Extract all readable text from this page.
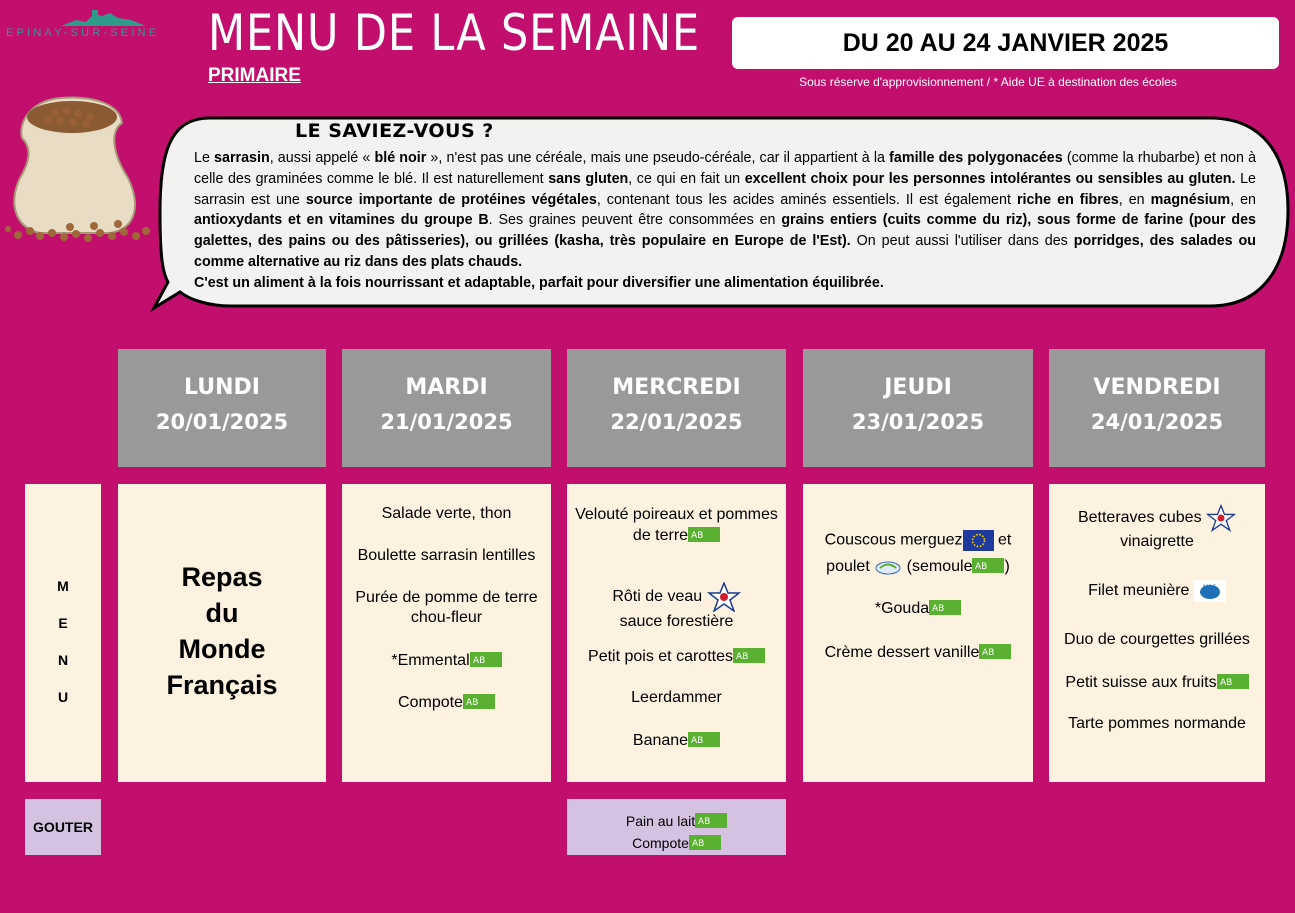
EPINAY-SUR-SEINE MENU DE LA SEMAINE
PRIMAIRE
DU 20 AU 24 JANVIER 2025
Sous réserve d'approvisionnement / * Aide UE à destination des écoles
LE SAVIEZ-VOUS ?
Le sarrasin, aussi appelé « blé noir », n'est pas une céréale, mais une pseudo-céréale, car il appartient à la famille des polygonacées (comme la rhubarbe) et non à celle des graminées comme le blé. Il est naturellement sans gluten, ce qui en fait un excellent choix pour les personnes intolérantes ou sensibles au gluten. Le sarrasin est une source importante de protéines végétales, contenant tous les acides aminés essentiels. Il est également riche en fibres, en magnésium, en antioxydants et en vitamines du groupe B. Ses graines peuvent être consommées en grains entiers (cuits comme du riz), sous forme de farine (pour des galettes, des pains ou des pâtisseries), ou grillées (kasha, très populaire en Europe de l'Est). On peut aussi l'utiliser dans des porridges, des salades ou comme alternative au riz dans des plats chauds.
C'est un aliment à la fois nourrissant et adaptable, parfait pour diversifier une alimentation équilibrée.
LUNDI
20/01/2025
MARDI
21/01/2025
MERCREDI
22/01/2025
JEUDI
23/01/2025
VENDREDI
24/01/2025
M
E
N
U
Repas
du
Monde
Français
Salade verte, thon
Boulette sarrasin lentilles
Purée de pomme de terre
chou-fleur
*Emmental AB
Compote AB
Velouté poireaux et pommes
de terre AB
Rôti de veau
sauce forestière
Petit pois et carottes AB
Leerdammer
Banane AB
Couscous merguez et
poulet (semoule AB )
*Gouda AB
Crème dessert vanille AB
Betteraves cubes
vinaigrette
Filet meunière MSC
Duo de courgettes grillées
Petit suisse aux fruits AB
Tarte pommes normande
GOUTER	Pain au lait AB
Compote AB
